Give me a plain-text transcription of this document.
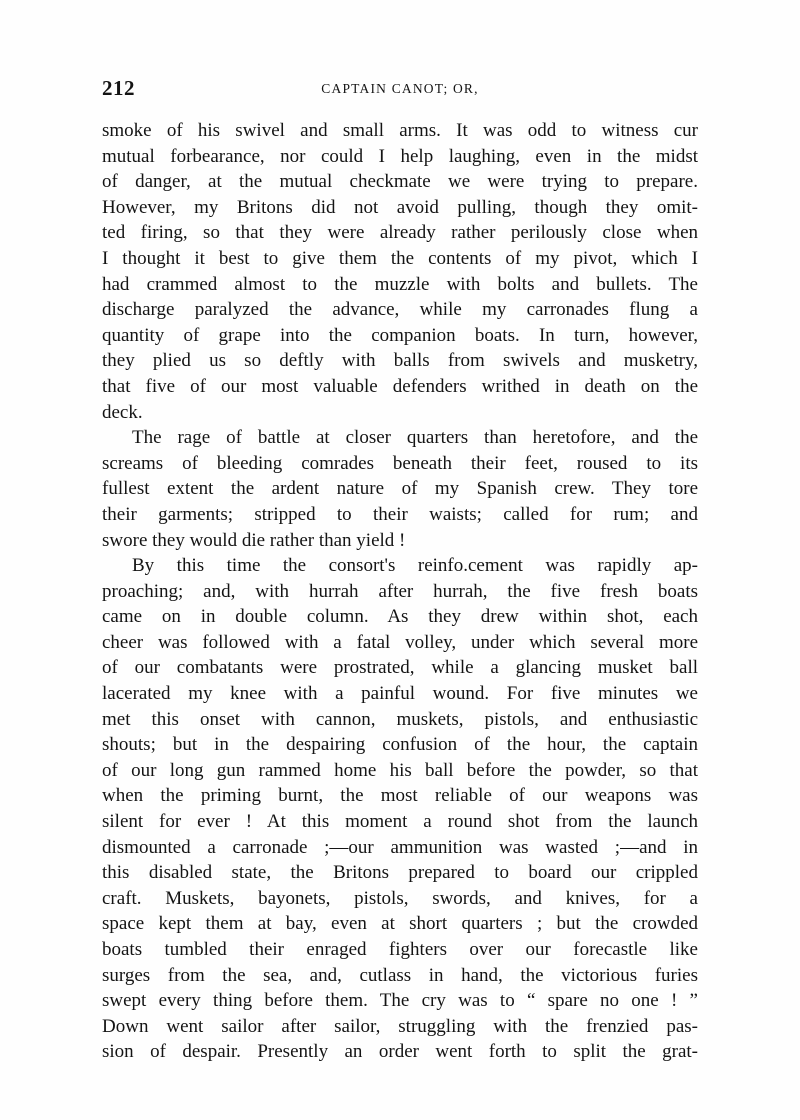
212	CAPTAIN CANOT; OR,
smoke of his swivel and small arms. It was odd to witness cur
mutual forbearance, nor could I help laughing, even in the midst
of danger, at the mutual checkmate we were trying to prepare.
However, my Britons did not avoid pulling, though they omit-
ted firing, so that they were already rather perilously close when
I thought it best to give them the contents of my pivot, which I
had crammed almost to the muzzle with bolts and bullets. The
discharge paralyzed the advance, while my carronades flung a
quantity of grape into the companion boats. In turn, however,
they plied us so deftly with balls from swivels and musketry,
that five of our most valuable defenders writhed in death on the
deck.
The rage of battle at closer quarters than heretofore, and the
screams of bleeding comrades beneath their feet, roused to its
fullest extent the ardent nature of my Spanish crew. They tore
their garments; stripped to their waists; called for rum; and
swore they would die rather than yield !
By this time the consort's reinfo.cement was rapidly ap-
proaching; and, with hurrah after hurrah, the five fresh boats
came on in double column. As they drew within shot, each
cheer was followed with a fatal volley, under which several more
of our combatants were prostrated, while a glancing musket ball
lacerated my knee with a painful wound. For five minutes we
met this onset with cannon, muskets, pistols, and enthusiastic
shouts; but in the despairing confusion of the hour, the captain
of our long gun rammed home his ball before the powder, so that
when the priming burnt, the most reliable of our weapons was
silent for ever ! At this moment a round shot from the launch
dismounted a carronade ;—our ammunition was wasted ;—and in
this disabled state, the Britons prepared to board our crippled
craft. Muskets, bayonets, pistols, swords, and knives, for a
space kept them at bay, even at short quarters ; but the crowded
boats tumbled their enraged fighters over our forecastle like
surges from the sea, and, cutlass in hand, the victorious furies
swept every thing before them. The cry was to “ spare no one ! ”
Down went sailor after sailor, struggling with the frenzied pas-
sion of despair. Presently an order went forth to split the grat-
